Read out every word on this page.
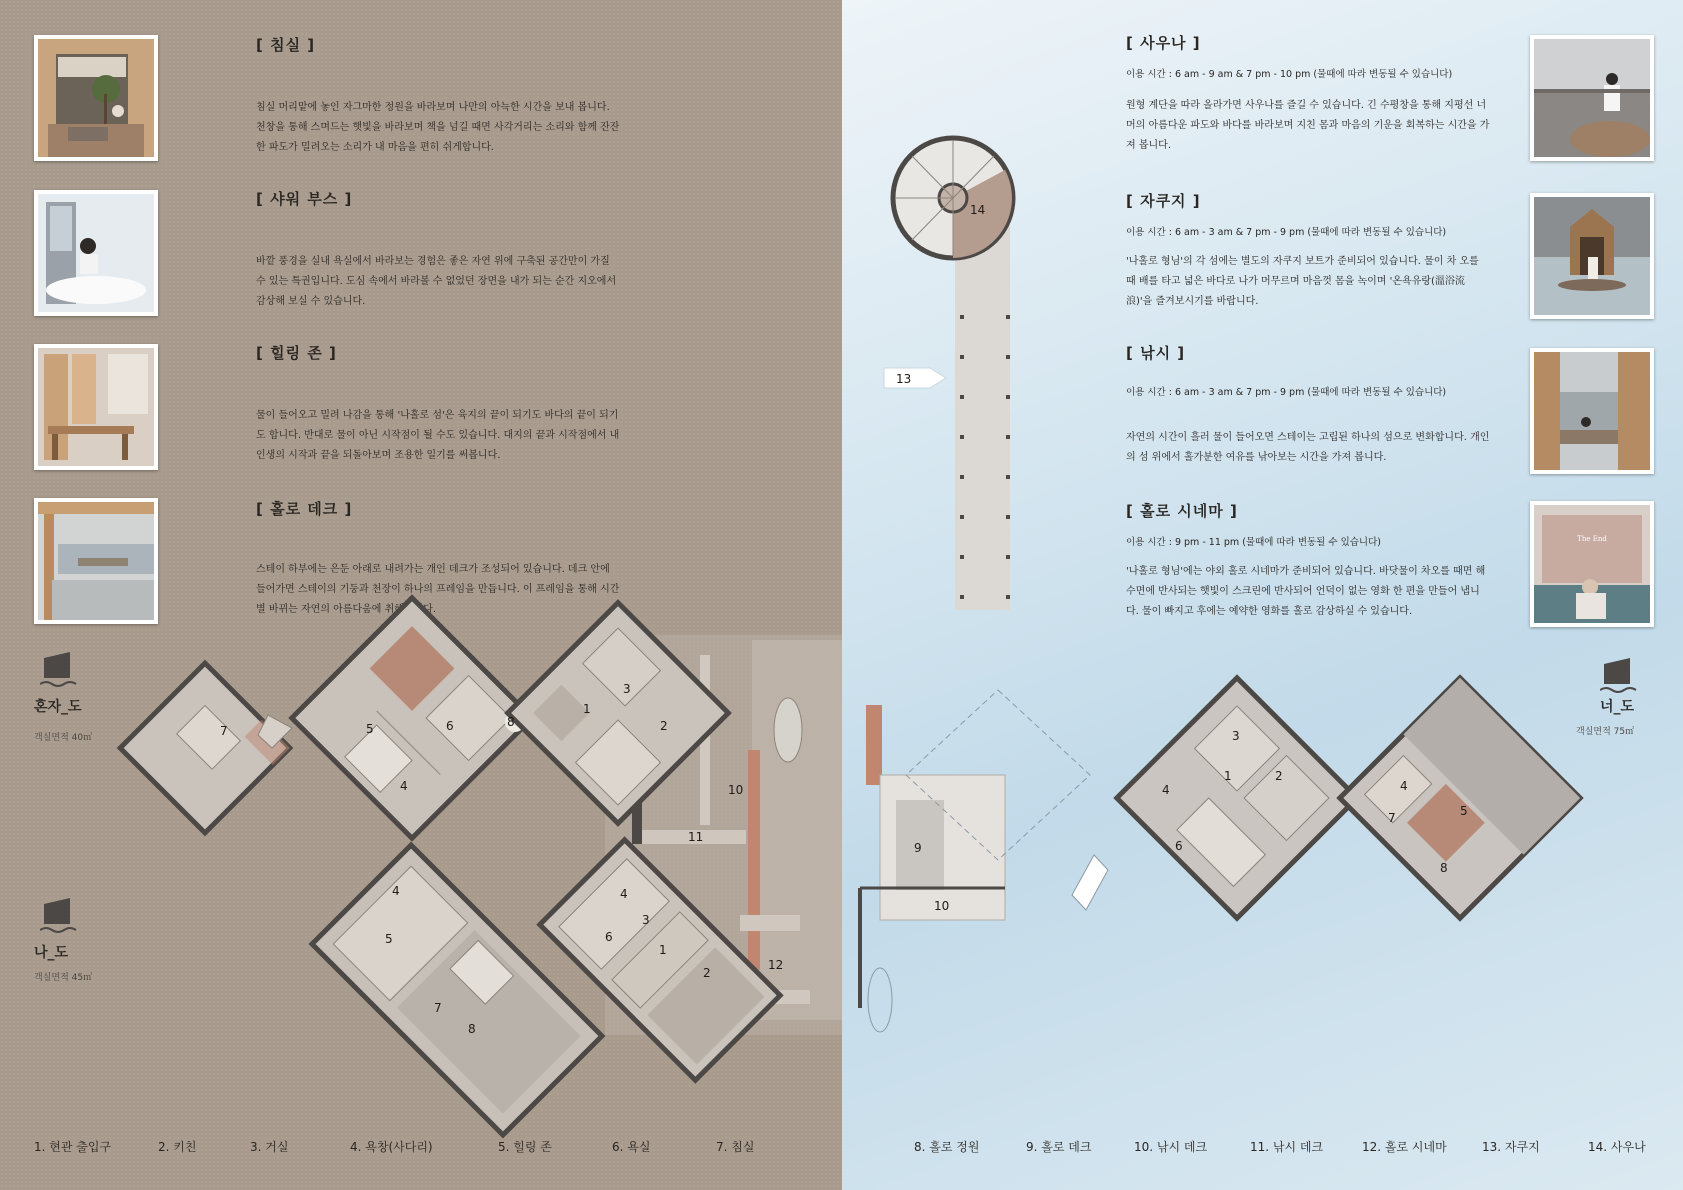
The End
[ 침실 ]

침실 머리맡에 놓인 자그마한 정원을 바라보며 나만의 아늑한 시간을 보내 봅니다. 천창을 통해 스며드는 햇빛을 바라보며 책을 넘길 때면 사각거리는 소리와 함께 잔잔한 파도가 밀려오는 소리가 내 마음을 편히 쉬게합니다.

[ 샤워 부스 ]

바깥 풍경을 실내 욕실에서 바라보는 경험은 좋은 자연 위에 구축된 공간만이 가질 수 있는 특권입니다. 도심 속에서 바라볼 수 없었던 장면을 내가 되는 순간 지오에서 감상해 보실 수 있습니다.

[ 힐링 존 ]

물이 들어오고 밀려 나감을 통해 '나홀로 섬'은 육지의 끝이 되기도 바다의 끝이 되기도 합니다. 반대로 물이 아닌 시작점이 될 수도 있습니다. 대지의 끝과 시작점에서 내 인생의 시작과 끝을 되돌아보며 조용한 일기를 써봅니다.

[ 홀로 데크 ]

스테이 하부에는 은둔 아래로 내려가는 개인 데크가 조성되어 있습니다. 데크 안에 들어가면 스테이의 기둥과 천장이 하나의 프레임을 만듭니다. 이 프레임을 통해 시간별 바뀌는 자연의 아름다움에 취해봅니다.

[ 사우나 ]
이용 시간 : 6 am - 9 am & 7 pm - 10 pm (물때에 따라 변동될 수 있습니다)

원형 계단을 따라 올라가면 사우나를 즐길 수 있습니다. 긴 수평창을 통해 지평선 너머의 아름다운 파도와 바다를 바라보며 지친 몸과 마음의 기운을 회복하는 시간을 가져 봅니다.

[ 자쿠지 ]
이용 시간 : 6 am - 3 am & 7 pm - 9 pm (물때에 따라 변동될 수 있습니다)

'나홀로 형님'의 각 섬에는 별도의 자쿠지 보트가 준비되어 있습니다. 물이 차 오를 때 배를 타고 넓은 바다로 나가 머무르며 마음껏 몸을 녹이며 '온욕유랑(溫浴流浪)'을 즐겨보시기를 바랍니다.

[ 낚시 ]
이용 시간 : 6 am - 3 am & 7 pm - 9 pm (물때에 따라 변동될 수 있습니다)

자연의 시간이 흘러 물이 들어오면 스테이는 고립된 하나의 섬으로 변화합니다. 개인의 섬 위에서 홀가분한 여유를 낚아보는 시간을 가져 봅니다.

[ 홀로 시네마 ]
이용 시간 : 9 pm - 11 pm (물때에 따라 변동될 수 있습니다)

'나홀로 형님'에는 야외 홀로 시네마가 준비되어 있습니다. 바닷물이 차오를 때면 해수면에 반사되는 햇빛이 스크린에 반사되어 언덕이 없는 영화 한 편을 만들어 냅니다. 물이 빠지고 후에는 예약한 영화를 홀로 감상하실 수 있습니다.

7	5	6	8
4
1
3
2
10
11
12
4
5
7
8
4
3
6
1
2
14
13
9
10
3
1	2
4
6
4
7	5
8
혼자_도
객실면적 40㎡
나_도
객실면적 45㎡
너_도
객실면적 75㎡
1. 현관 출입구	2. 키친	3. 거실	4. 욕창(사다리)	5. 힐링 존	6. 욕실	7. 침실	8. 홀로 정원	9. 홀로 데크	10. 낚시 데크	11. 낚시 데크	12. 홀로 시네마	13. 자쿠지	14. 사우나
